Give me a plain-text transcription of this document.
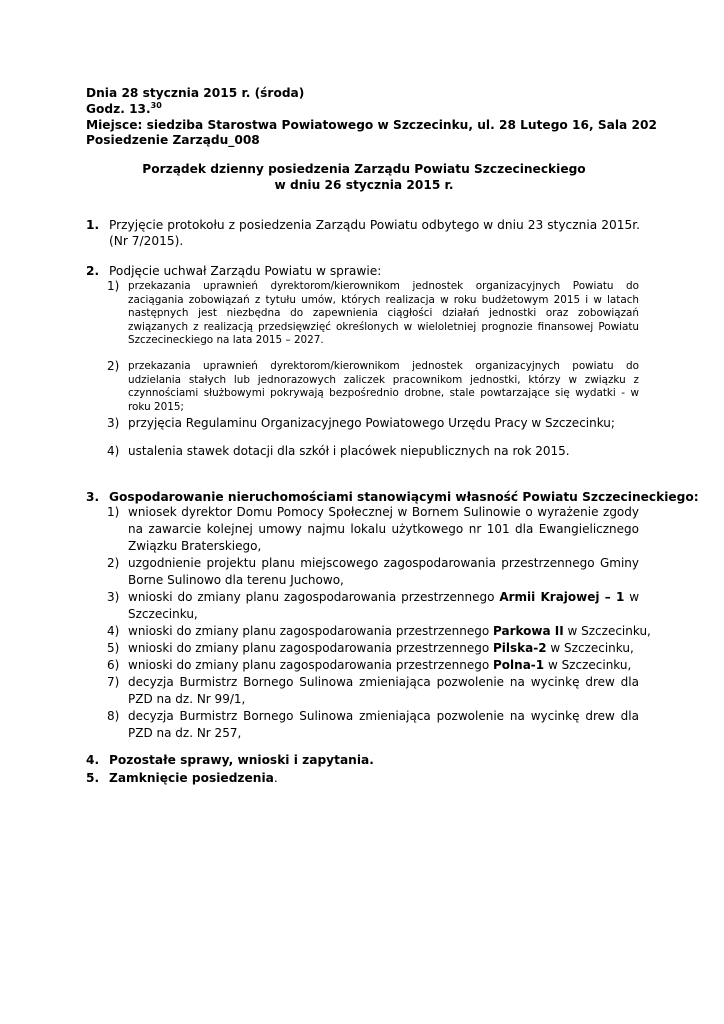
Dnia 28 stycznia 2015 r. (środa)
Godz. 13.30
Miejsce: siedziba Starostwa Powiatowego w Szczecinku, ul. 28 Lutego 16, Sala 202
Posiedzenie Zarządu_008
Porządek dzienny posiedzenia Zarządu Powiatu Szczecineckiego
w dniu 26 stycznia 2015 r.
1. Przyjęcie protokołu z posiedzenia Zarządu Powiatu odbytego w dniu 23 stycznia 2015r. (Nr 7/2015).
2. Podjęcie uchwał Zarządu Powiatu w sprawie:
1) przekazania uprawnień dyrektorom/kierownikom jednostek organizacyjnych Powiatu do zaciągania zobowiązań z tytułu umów, których realizacja w roku budżetowym 2015 i w latach następnych jest niezbędna do zapewnienia ciągłości działań jednostki oraz zobowiązań związanych z realizacją przedsięwzięć określonych w wieloletniej prognozie finansowej Powiatu Szczecineckiego na lata 2015 – 2027.
2) przekazania uprawnień dyrektorom/kierownikom jednostek organizacyjnych powiatu do udzielania stałych lub jednorazowych zaliczek pracownikom jednostki, którzy w związku z czynnościami służbowymi pokrywają bezpośrednio drobne, stale powtarzające się wydatki - w roku 2015;
3) przyjęcia Regulaminu Organizacyjnego Powiatowego Urzędu Pracy w Szczecinku;
4) ustalenia stawek dotacji dla szkół i placówek niepublicznych na rok 2015.
3. Gospodarowanie nieruchomościami stanowiącymi własność Powiatu Szczecineckiego:
1) wniosek dyrektor Domu Pomocy Społecznej w Bornem Sulinowie o wyrażenie zgody na zawarcie kolejnej umowy najmu lokalu użytkowego nr 101 dla Ewangielicznego Związku Braterskiego,
2) uzgodnienie projektu planu miejscowego zagospodarowania przestrzennego Gminy Borne Sulinowo dla terenu Juchowo,
3) wnioski do zmiany planu zagospodarowania przestrzennego Armii Krajowej – 1 w Szczecinku,
4) wnioski do zmiany planu zagospodarowania przestrzennego Parkowa II w Szczecinku,
5) wnioski do zmiany planu zagospodarowania przestrzennego Pilska-2 w Szczecinku,
6) wnioski do zmiany planu zagospodarowania przestrzennego Polna-1 w Szczecinku,
7) decyzja Burmistrz Bornego Sulinowa zmieniająca pozwolenie na wycinkę drew dla PZD na dz. Nr 99/1,
8) decyzja Burmistrz Bornego Sulinowa zmieniająca pozwolenie na wycinkę drew dla PZD na dz. Nr 257,
4. Pozostałe sprawy, wnioski i zapytania.
5. Zamknięcie posiedzenia.
